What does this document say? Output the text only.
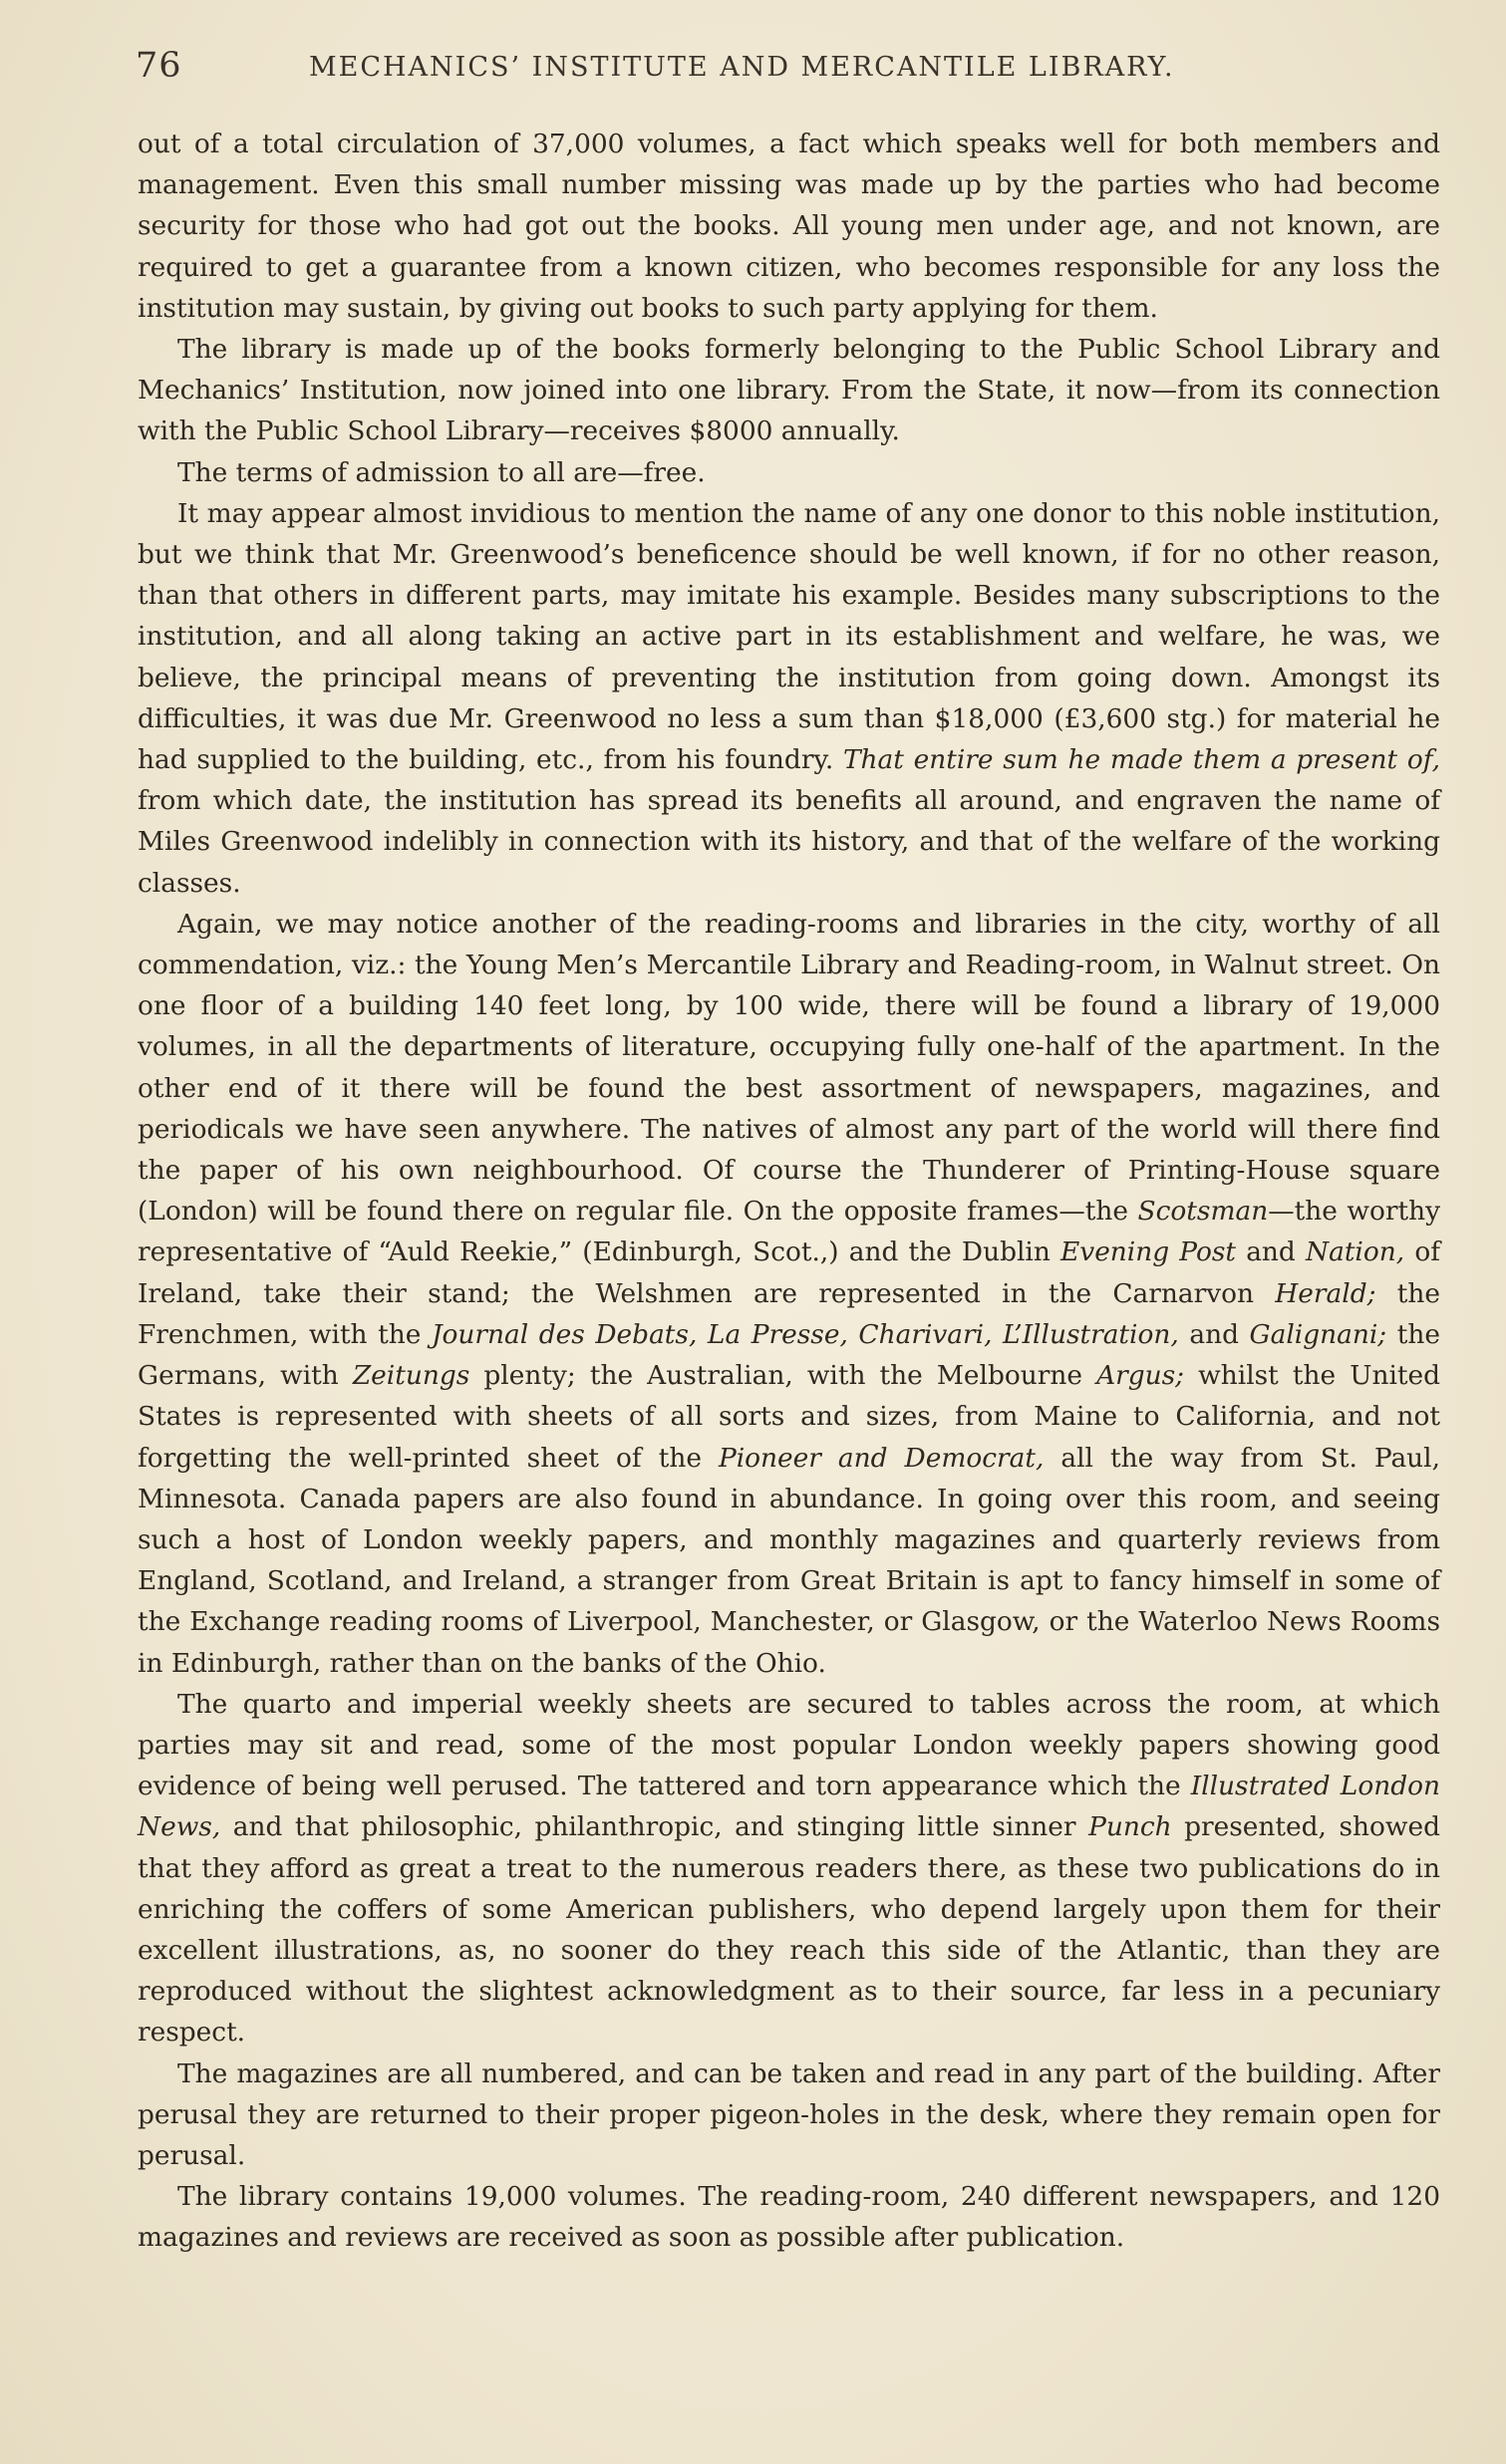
76	MECHANICS’ INSTITUTE AND MERCANTILE LIBRARY.

out of a total circulation of 37,000 volumes, a fact which speaks well for both members and management. Even this small number missing was made up by the parties who had become security for those who had got out the books. All young men under age, and not known, are required to get a guarantee from a known citizen, who becomes responsible for any loss the institution may sustain, by giving out books to such party applying for them.

The library is made up of the books formerly belonging to the Public School Library and Mechanics’ Institution, now joined into one library. From the State, it now—from its connection with the Public School Library—receives $8000 annually.

The terms of admission to all are—free.

It may appear almost invidious to mention the name of any one donor to this noble institution, but we think that Mr. Greenwood’s beneficence should be well known, if for no other reason, than that others in different parts, may imitate his example. Besides many subscriptions to the institution, and all along taking an active part in its establishment and welfare, he was, we believe, the principal means of preventing the institution from going down. Amongst its difficulties, it was due Mr. Greenwood no less a sum than $18,000 (£3,600 stg.) for material he had supplied to the building, etc., from his foundry. That entire sum he made them a present of, from which date, the institution has spread its benefits all around, and engraven the name of Miles Greenwood indelibly in connection with its history, and that of the welfare of the working classes.

Again, we may notice another of the reading-rooms and libraries in the city, worthy of all commendation, viz.: the Young Men’s Mercantile Library and Reading-room, in Walnut street. On one floor of a building 140 feet long, by 100 wide, there will be found a library of 19,000 volumes, in all the departments of literature, occupying fully one-half of the apartment. In the other end of it there will be found the best assortment of newspapers, magazines, and periodicals we have seen anywhere. The natives of almost any part of the world will there find the paper of his own neighbourhood. Of course the Thunderer of Printing-House square (London) will be found there on regular file. On the opposite frames—the Scotsman—the worthy representative of “Auld Reekie,” (Edinburgh, Scot.,) and the Dublin Evening Post and Nation, of Ireland, take their stand; the Welshmen are represented in the Carnarvon Herald; the Frenchmen, with the Journal des Debats, La Presse, Charivari, L’Illustration, and Galignani; the Germans, with Zeitungs plenty; the Australian, with the Melbourne Argus; whilst the United States is represented with sheets of all sorts and sizes, from Maine to California, and not forgetting the well-printed sheet of the Pioneer and Democrat, all the way from St. Paul, Minnesota. Canada papers are also found in abundance. In going over this room, and seeing such a host of London weekly papers, and monthly magazines and quarterly reviews from England, Scotland, and Ireland, a stranger from Great Britain is apt to fancy himself in some of the Exchange reading rooms of Liverpool, Manchester, or Glasgow, or the Waterloo News Rooms in Edinburgh, rather than on the banks of the Ohio.

The quarto and imperial weekly sheets are secured to tables across the room, at which parties may sit and read, some of the most popular London weekly papers showing good evidence of being well perused. The tattered and torn appearance which the Illustrated London News, and that philosophic, philanthropic, and stinging little sinner Punch presented, showed that they afford as great a treat to the numerous readers there, as these two publications do in enriching the coffers of some American publishers, who depend largely upon them for their excellent illustrations, as, no sooner do they reach this side of the Atlantic, than they are reproduced without the slightest acknowledgment as to their source, far less in a pecuniary respect.

The magazines are all numbered, and can be taken and read in any part of the building. After perusal they are returned to their proper pigeon-holes in the desk, where they remain open for perusal.

The library contains 19,000 volumes. The reading-room, 240 different newspapers, and 120 magazines and reviews are received as soon as possible after publication.
